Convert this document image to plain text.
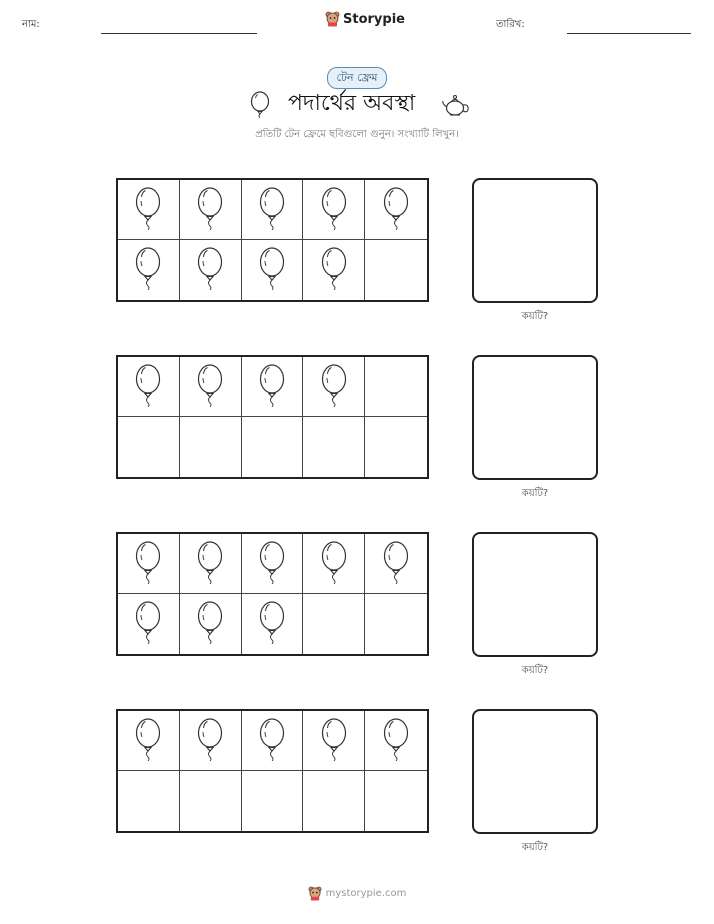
নাম:	Storypie	তারিখ:
টেন ফ্রেম
পদার্থের অবস্থা
প্রতিটি টেন ফ্রেমে ছবিগুলো গুনুন। সংখ্যাটি লিখুন।
কয়টি?
কয়টি?
কয়টি?
কয়টি?
mystorypie.com
